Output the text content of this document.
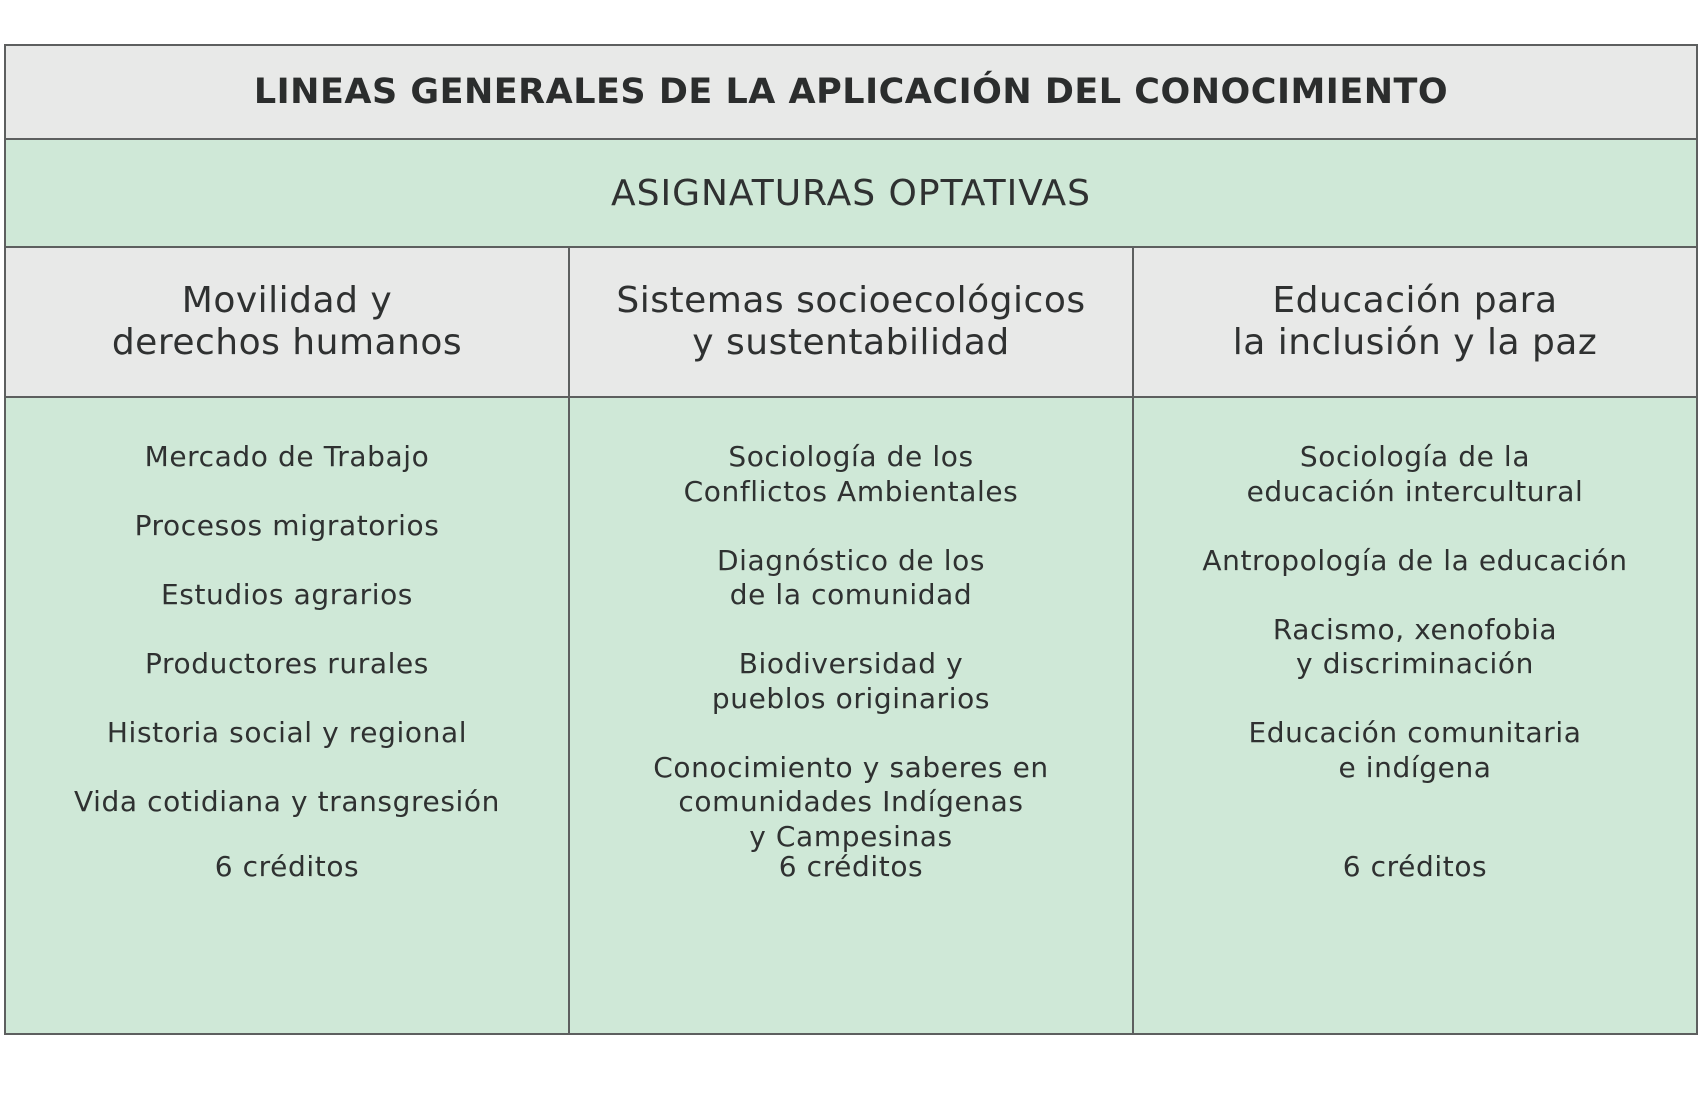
LINEAS GENERALES DE LA APLICACIÓN DEL CONOCIMIENTO
ASIGNATURAS OPTATIVAS
Movilidad y
derechos humanos
Sistemas socioecológicos
y sustentabilidad
Educación para
la inclusión y la paz
Mercado de Trabajo
Procesos migratorios
Estudios agrarios
Productores rurales
Historia social y regional
Vida cotidiana y transgresión
6 créditos
Sociología de los
Conflictos Ambientales
Diagnóstico de los
de la comunidad
Biodiversidad y
pueblos originarios
Conocimiento y saberes en
comunidades Indígenas
y Campesinas
6 créditos
Sociología de la
educación intercultural
Antropología de la educación
Racismo, xenofobia
y discriminación
Educación comunitaria
e indígena
6 créditos
